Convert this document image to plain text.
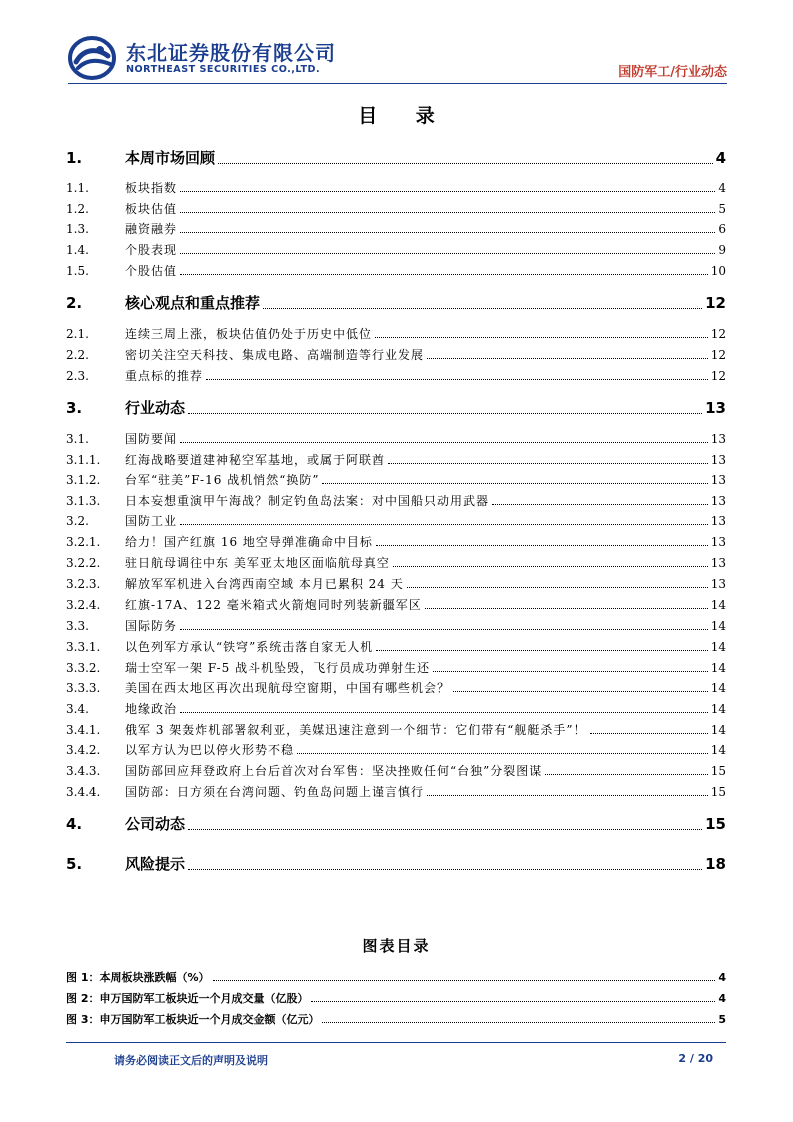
东北证券股份有限公司
NORTHEAST SECURITIES CO.,LTD.	国防军工/行业动态
目 录
1.	本周市场回顾	4
1.1.	板块指数	4
1.2.	板块估值	5
1.3.	融资融券	6
1.4.	个股表现	9
1.5.	个股估值	10
2.	核心观点和重点推荐	12
2.1.	连续三周上涨，板块估值仍处于历史中低位	12
2.2.	密切关注空天科技、集成电路、高端制造等行业发展	12
2.3.	重点标的推荐	12
3.	行业动态	13
3.1.	国防要闻	13
3.1.1.	红海战略要道建神秘空军基地，或属于阿联酋	13
3.1.2.	台军“驻美”F-16 战机悄然“换防”	13
3.1.3.	日本妄想重演甲午海战？制定钓鱼岛法案：对中国船只动用武器	13
3.2.	国防工业	13
3.2.1.	给力！国产红旗 16 地空导弹准确命中目标	13
3.2.2.	驻日航母调往中东 美军亚太地区面临航母真空	13
3.2.3.	解放军军机进入台湾西南空域 本月已累积 24 天	13
3.2.4.	红旗-17A、122 毫米箱式火箭炮同时列装新疆军区	14
3.3.	国际防务	14
3.3.1.	以色列军方承认“铁穹”系统击落自家无人机	14
3.3.2.	瑞士空军一架 F-5 战斗机坠毁，飞行员成功弹射生还	14
3.3.3.	美国在西太地区再次出现航母空窗期，中国有哪些机会？	14
3.4.	地缘政治	14
3.4.1.	俄军 3 架轰炸机部署叙利亚，美媒迅速注意到一个细节：它们带有“舰艇杀手”！	14
3.4.2.	以军方认为巴以停火形势不稳	14
3.4.3.	国防部回应拜登政府上台后首次对台军售：坚决挫败任何“台独”分裂图谋	15
3.4.4.	国防部：日方须在台湾问题、钓鱼岛问题上谨言慎行	15
4.	公司动态	15
5.	风险提示	18
图表目录
图 1：本周板块涨跌幅（%）	4
图 2：申万国防军工板块近一个月成交量（亿股）	4
图 3：申万国防军工板块近一个月成交金额（亿元）	5
请务必阅读正文后的声明及说明	2 / 20
